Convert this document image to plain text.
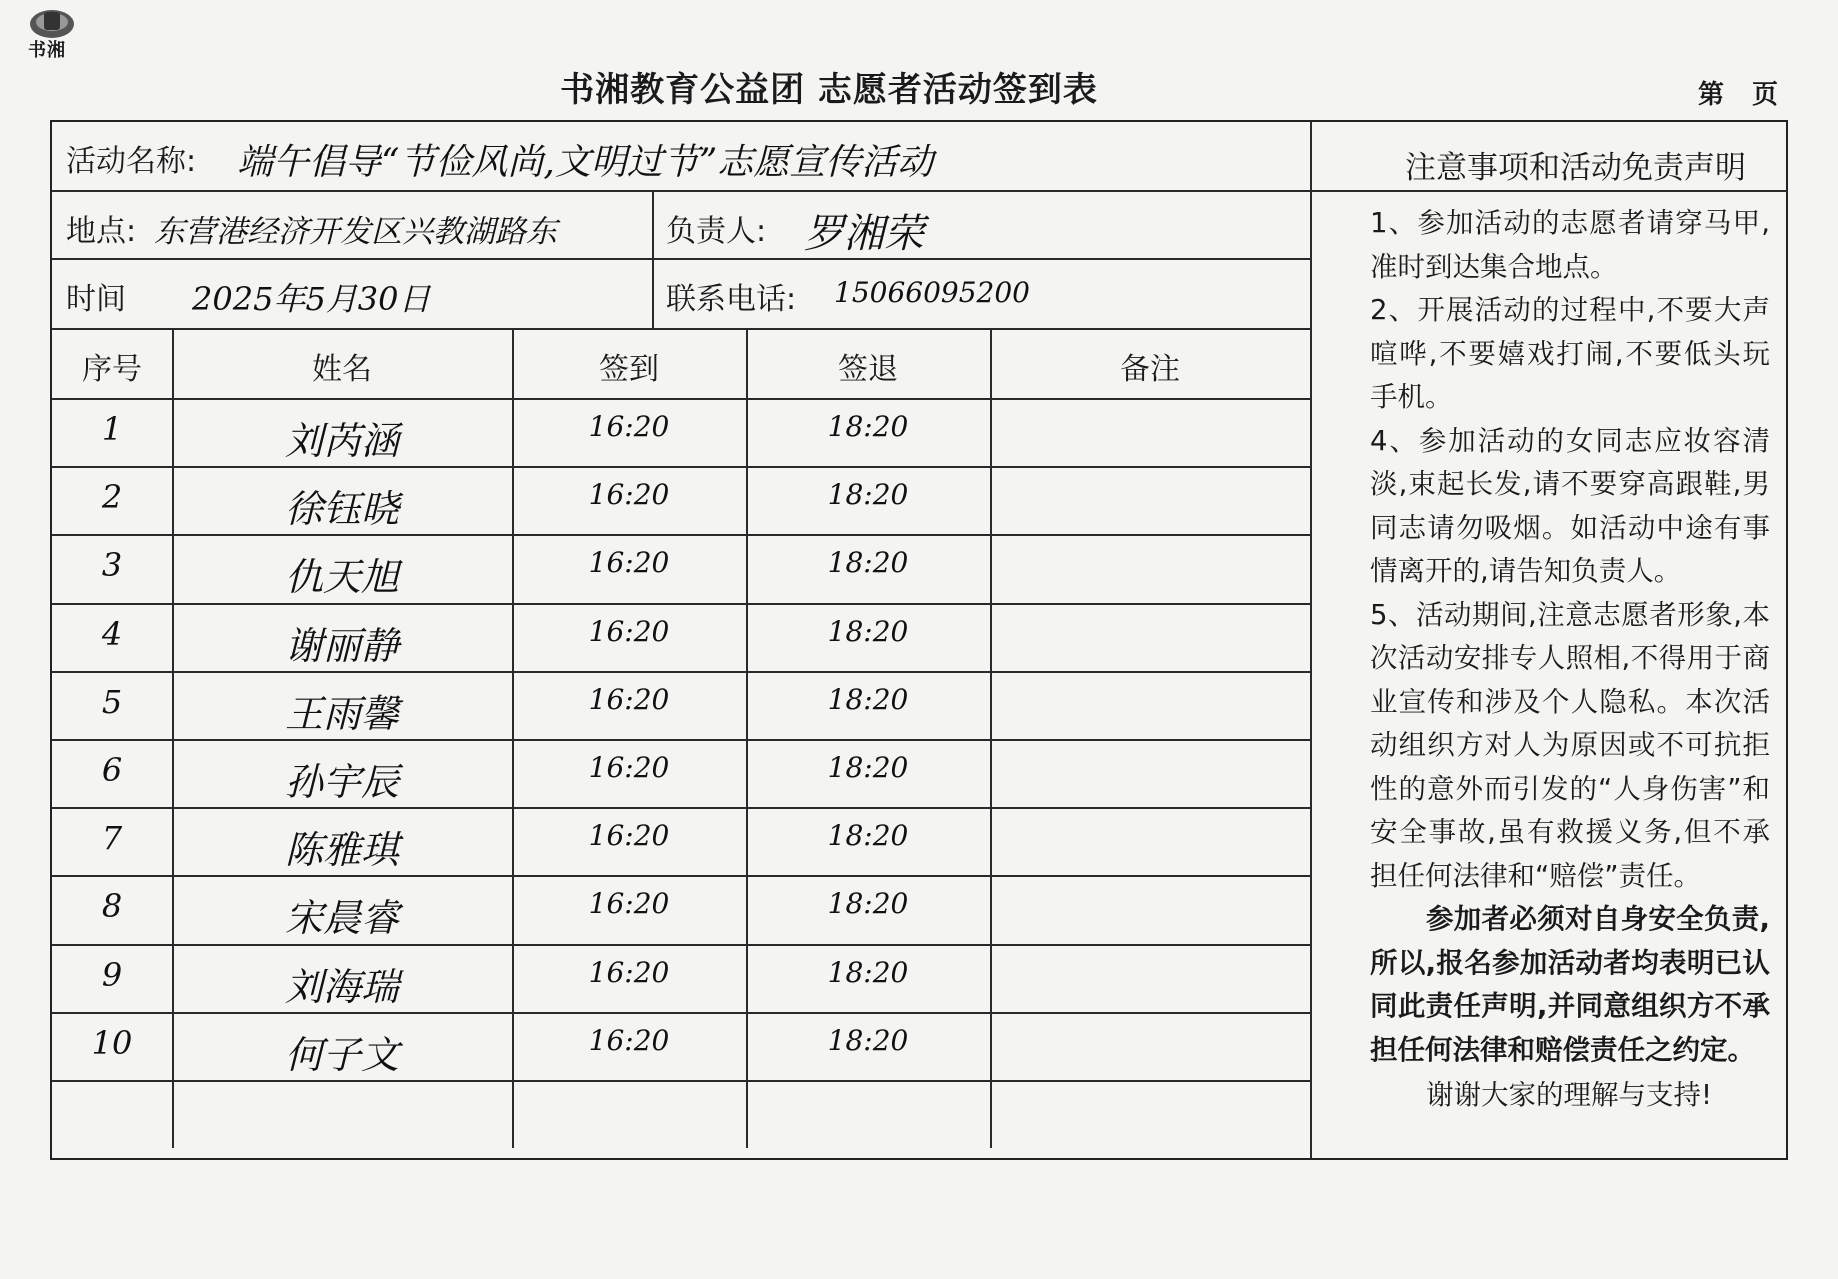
书湘
书湘教育公益团 志愿者活动签到表	第页
活动名称: 端午倡导“节俭风尚,文明过节”志愿宣传活动
地点: 东营港经济开发区兴教湖路东	负责人: 罗湘荣
时间 2025年5月30日	联系电话: 15066095200
序号	姓名	签到	签退	备注
1	刘芮涵	16:20	18:20
2	徐钰晓	16:20	18:20
3	仇天旭	16:20	18:20
4	谢丽静	16:20	18:20
5	王雨馨	16:20	18:20
6	孙宇辰	16:20	18:20
7	陈雅琪	16:20	18:20
8	宋晨睿	16:20	18:20
9	刘海瑞	16:20	18:20
10	何子文	16:20	18:20
注意事项和活动免责声明

1、参加活动的志愿者请穿马甲,准时到达集合地点。

2、开展活动的过程中,不要大声喧哗,不要嬉戏打闹,不要低头玩手机。

4、参加活动的女同志应妆容清淡,束起长发,请不要穿高跟鞋,男同志请勿吸烟。如活动中途有事情离开的,请告知负责人。

5、活动期间,注意志愿者形象,本次活动安排专人照相,不得用于商业宣传和涉及个人隐私。本次活动组织方对人为原因或不可抗拒性的意外而引发的“人身伤害”和安全事故,虽有救援义务,但不承担任何法律和“赔偿”责任。

参加者必须对自身安全负责,所以,报名参加活动者均表明已认同此责任声明,并同意组织方不承担任何法律和赔偿责任之约定。

谢谢大家的理解与支持!
